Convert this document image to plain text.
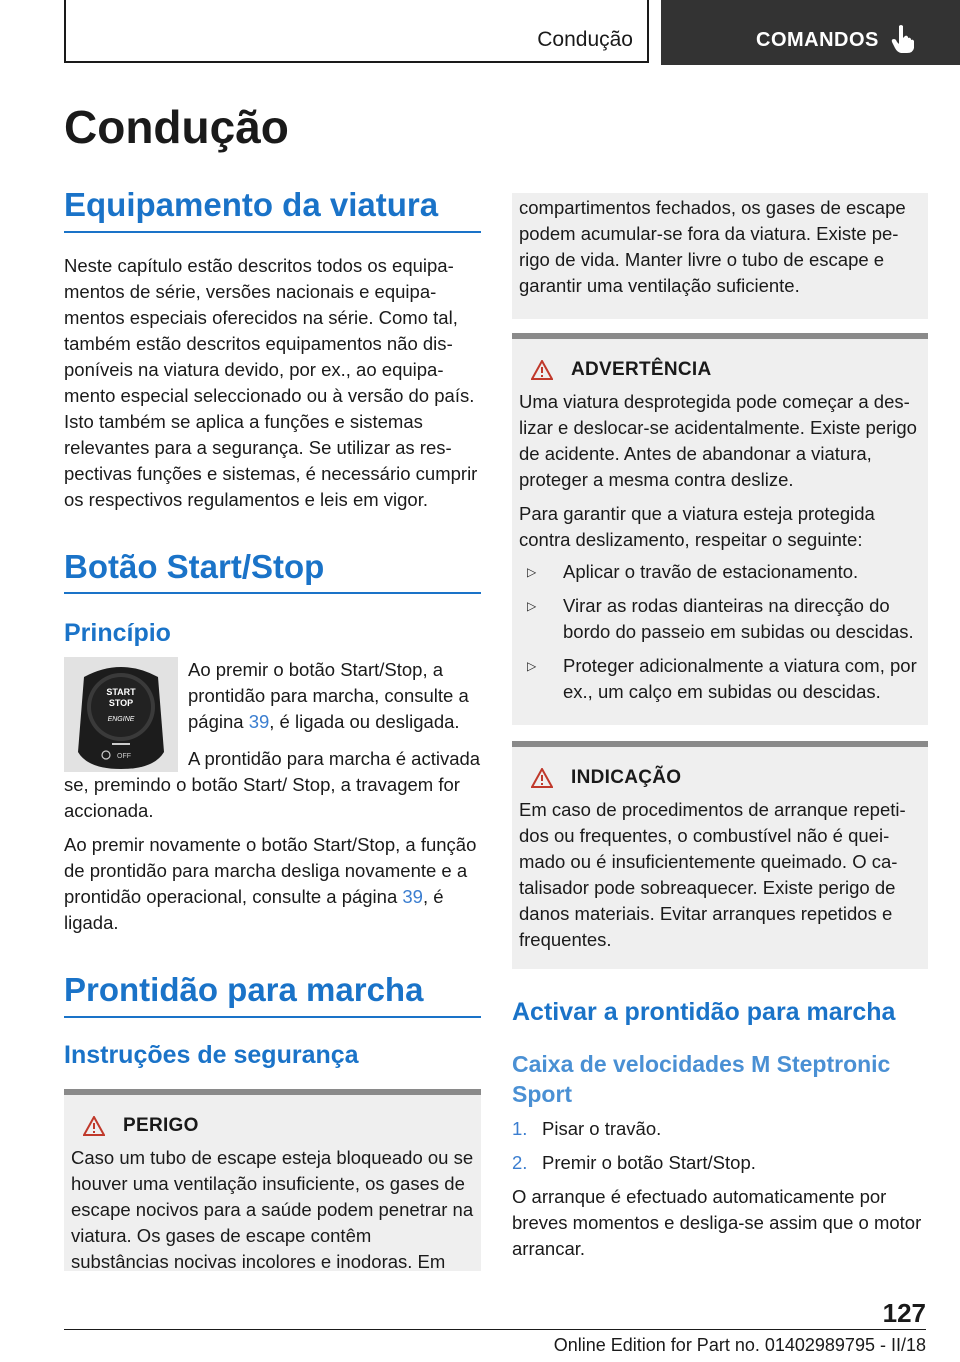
Condução	COMANDOS
Condução
Equipamento da viatura

Neste capítulo estão descritos todos os equipamentos de série, versões nacionais e equipamentos especiais oferecidos na série. Como tal, também estão descritos equipamentos não disponíveis na viatura devido, por ex., ao equipamento especial seleccionado ou à versão do país. Isto também se aplica a funções e sistemas relevantes para a segurança. Se utilizar as respectivas funções e sistemas, é necessário cumprir os respectivos regulamentos e leis em vigor.

Botão Start/Stop
Princípio
START
STOP
ENGINE
OFF

Ao premir o botão Start/Stop, a prontidão para marcha, consulte a página 39, é ligada ou desligada.

A prontidão para marcha é activada se, premindo o botão Start/ Stop, a travagem for accionada.

Ao premir novamente o botão Start/Stop, a função de prontidão para marcha desliga novamente e a prontidão operacional, consulte a página 39, é ligada.

Prontidão para marcha
Instruções de segurança
PERIGO

Caso um tubo de escape esteja bloqueado ou se houver uma ventilação insuficiente, os gases de escape nocivos para a saúde podem penetrar na viatura. Os gases de escape contêm substâncias nocivas incolores e inodoras. Em

compartimentos fechados, os gases de escape podem acumular-se fora da viatura. Existe perigo de vida. Manter livre o tubo de escape e garantir uma ventilação suficiente.

ADVERTÊNCIA

Uma viatura desprotegida pode começar a deslizar e deslocar-se acidentalmente. Existe perigo de acidente. Antes de abandonar a viatura, proteger a mesma contra deslize.

Para garantir que a viatura esteja protegida contra deslizamento, respeitar o seguinte:

▷	Aplicar o travão de estacionamento.
▷	Virar as rodas dianteiras na direcção do bordo do passeio em subidas ou descidas.
▷	Proteger adicionalmente a viatura com, por ex., um calço em subidas ou descidas.
INDICAÇÃO

Em caso de procedimentos de arranque repetidos ou frequentes, o combustível não é queimado ou é insuficientemente queimado. O catalisador pode sobreaquecer. Existe perigo de danos materiais. Evitar arranques repetidos e frequentes.

Activar a prontidão para marcha
Caixa de velocidades M Steptronic Sport
1. Pisar o travão.
2. Premir o botão Start/Stop.

O arranque é efectuado automaticamente por breves momentos e desliga-se assim que o motor arrancar.

127
Online Edition for Part no. 01402989795 - II/18
